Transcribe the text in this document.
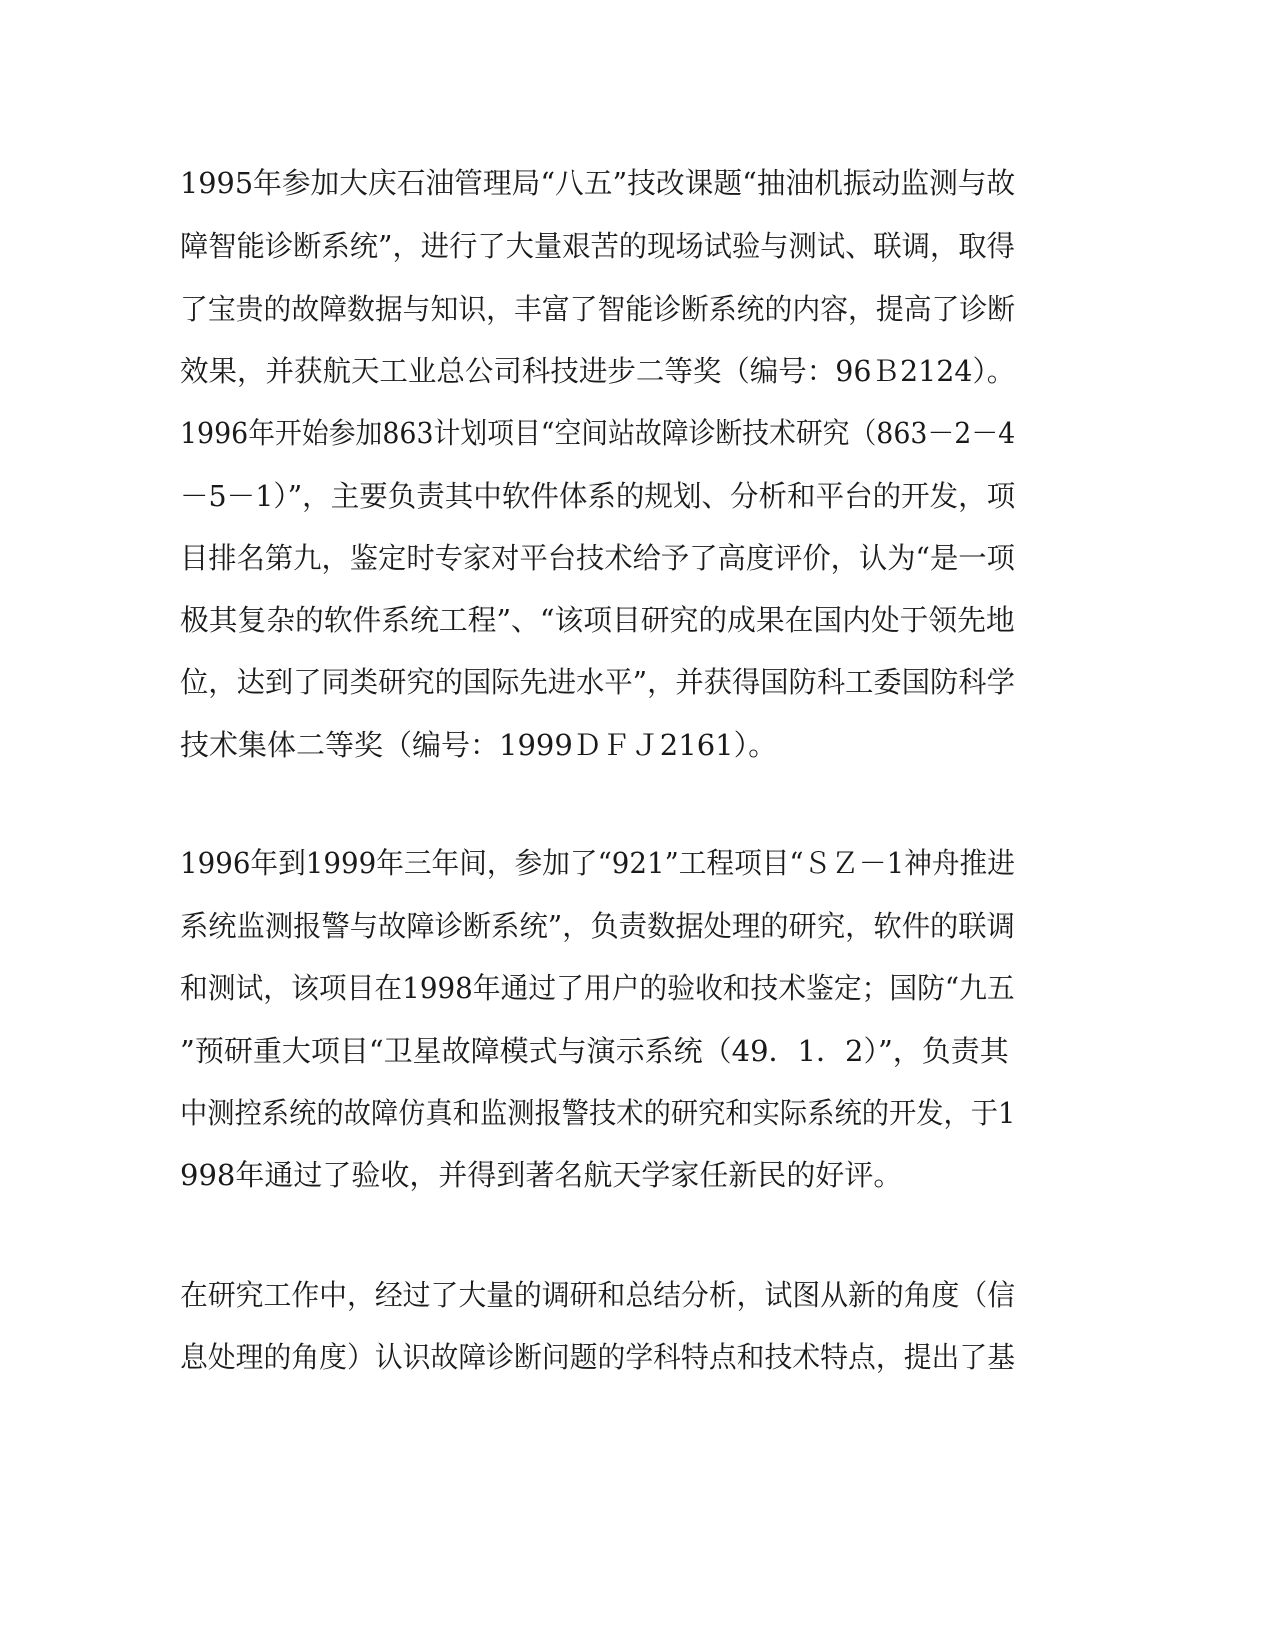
1995年参加大庆石油管理局“八五”技改课题“抽油机振动监测与故

障智能诊断系统”，进行了大量艰苦的现场试验与测试、联调，取得

了宝贵的故障数据与知识，丰富了智能诊断系统的内容，提高了诊断

效果，并获航天工业总公司科技进步二等奖（编号：96Ｂ2124）。

1996年开始参加863计划项目“空间站故障诊断技术研究（863－2－4

－5－1）”，主要负责其中软件体系的规划、分析和平台的开发，项

目排名第九，鉴定时专家对平台技术给予了高度评价，认为“是一项

极其复杂的软件系统工程”、“该项目研究的成果在国内处于领先地

位，达到了同类研究的国际先进水平”，并获得国防科工委国防科学

技术集体二等奖（编号：1999ＤＦＪ2161）。

1996年到1999年三年间，参加了“921”工程项目“ＳＺ－1神舟推进

系统监测报警与故障诊断系统”，负责数据处理的研究，软件的联调

和测试，该项目在1998年通过了用户的验收和技术鉴定；国防“九五

”预研重大项目“卫星故障模式与演示系统（49．1．2）”，负责其

中测控系统的故障仿真和监测报警技术的研究和实际系统的开发，于1

998年通过了验收，并得到著名航天学家任新民的好评。

在研究工作中，经过了大量的调研和总结分析，试图从新的角度（信

息处理的角度）认识故障诊断问题的学科特点和技术特点，提出了基
